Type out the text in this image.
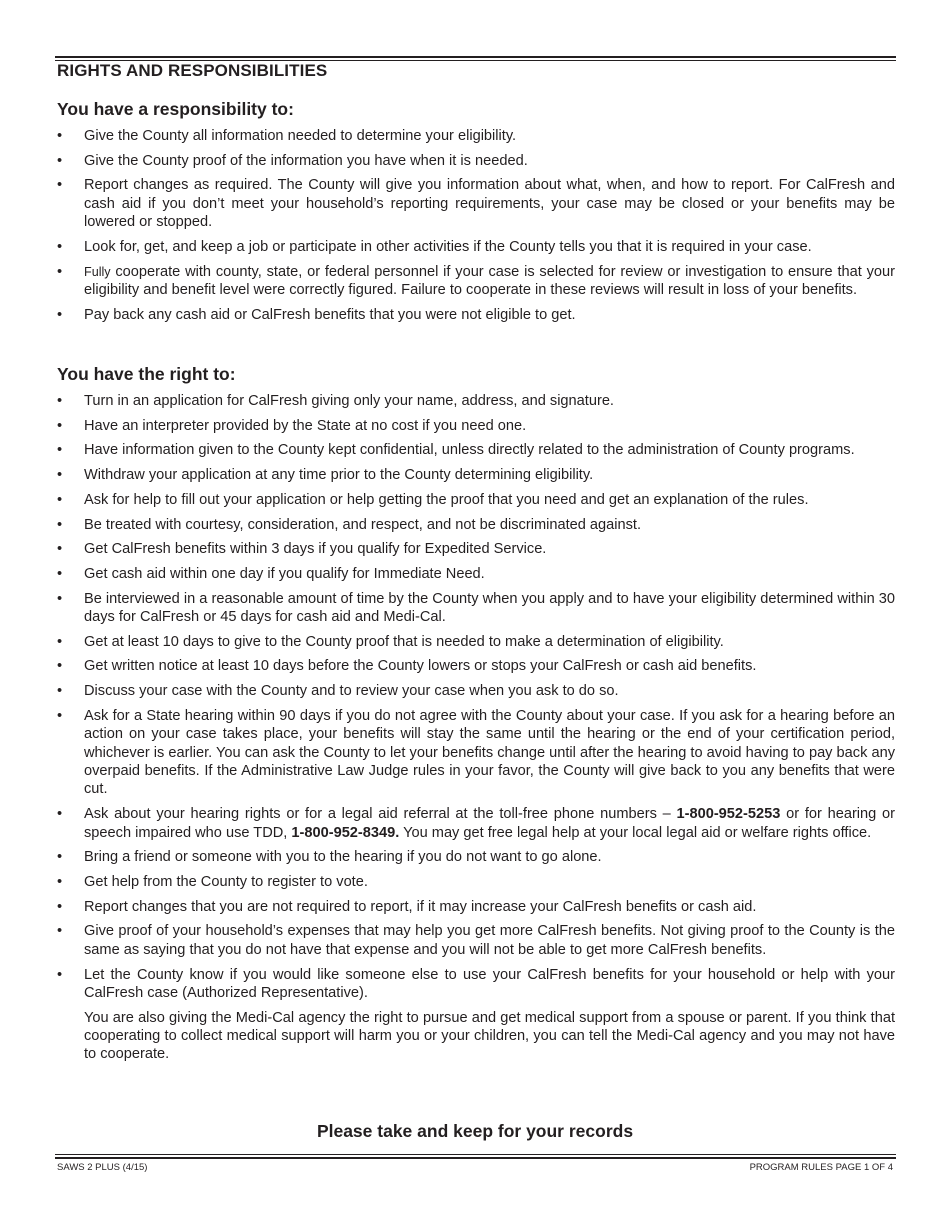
RIGHTS AND RESPONSIBILITIES
You have a responsibility to:
• Give the County all information needed to determine your eligibility.
• Give the County proof of the information you have when it is needed.
• Report changes as required. The County will give you information about what, when, and how to report. For CalFresh and cash aid if you don’t meet your household’s reporting requirements, your case may be closed or your benefits may be lowered or stopped.
• Look for, get, and keep a job or participate in other activities if the County tells you that it is required in your case.
• Fully cooperate with county, state, or federal personnel if your case is selected for review or investigation to ensure that your eligibility and benefit level were correctly figured. Failure to cooperate in these reviews will result in loss of your benefits.
• Pay back any cash aid or CalFresh benefits that you were not eligible to get.
You have the right to:
• Turn in an application for CalFresh giving only your name, address, and signature.
• Have an interpreter provided by the State at no cost if you need one.
• Have information given to the County kept confidential, unless directly related to the administration of County programs.
• Withdraw your application at any time prior to the County determining eligibility.
• Ask for help to fill out your application or help getting the proof that you need and get an explanation of the rules.
• Be treated with courtesy, consideration, and respect, and not be discriminated against.
• Get CalFresh benefits within 3 days if you qualify for Expedited Service.
• Get cash aid within one day if you qualify for Immediate Need.
• Be interviewed in a reasonable amount of time by the County when you apply and to have your eligibility determined within 30 days for CalFresh or 45 days for cash aid and Medi-Cal.
• Get at least 10 days to give to the County proof that is needed to make a determination of eligibility.
• Get written notice at least 10 days before the County lowers or stops your CalFresh or cash aid benefits.
• Discuss your case with the County and to review your case when you ask to do so.
• Ask for a State hearing within 90 days if you do not agree with the County about your case. If you ask for a hearing before an action on your case takes place, your benefits will stay the same until the hearing or the end of your certification period, whichever is earlier. You can ask the County to let your benefits change until after the hearing to avoid having to pay back any overpaid benefits. If the Administrative Law Judge rules in your favor, the County will give back to you any benefits that were cut.
• Ask about your hearing rights or for a legal aid referral at the toll-free phone numbers – 1-800-952-5253 or for hearing or speech impaired who use TDD, 1-800-952-8349. You may get free legal help at your local legal aid or welfare rights office.
• Bring a friend or someone with you to the hearing if you do not want to go alone.
• Get help from the County to register to vote.
• Report changes that you are not required to report, if it may increase your CalFresh benefits or cash aid.
• Give proof of your household’s expenses that may help you get more CalFresh benefits. Not giving proof to the County is the same as saying that you do not have that expense and you will not be able to get more CalFresh benefits.

• Let the County know if you would like someone else to use your CalFresh benefits for your household or help with your CalFresh case (Authorized Representative).

You are also giving the Medi-Cal agency the right to pursue and get medical support from a spouse or parent. If you think that cooperating to collect medical support will harm you or your children, you can tell the Medi-Cal agency and you may not have to cooperate.

Please take and keep for your records

SAWS 2 PLUS (4/15)	PROGRAM RULES PAGE 1 OF 4
